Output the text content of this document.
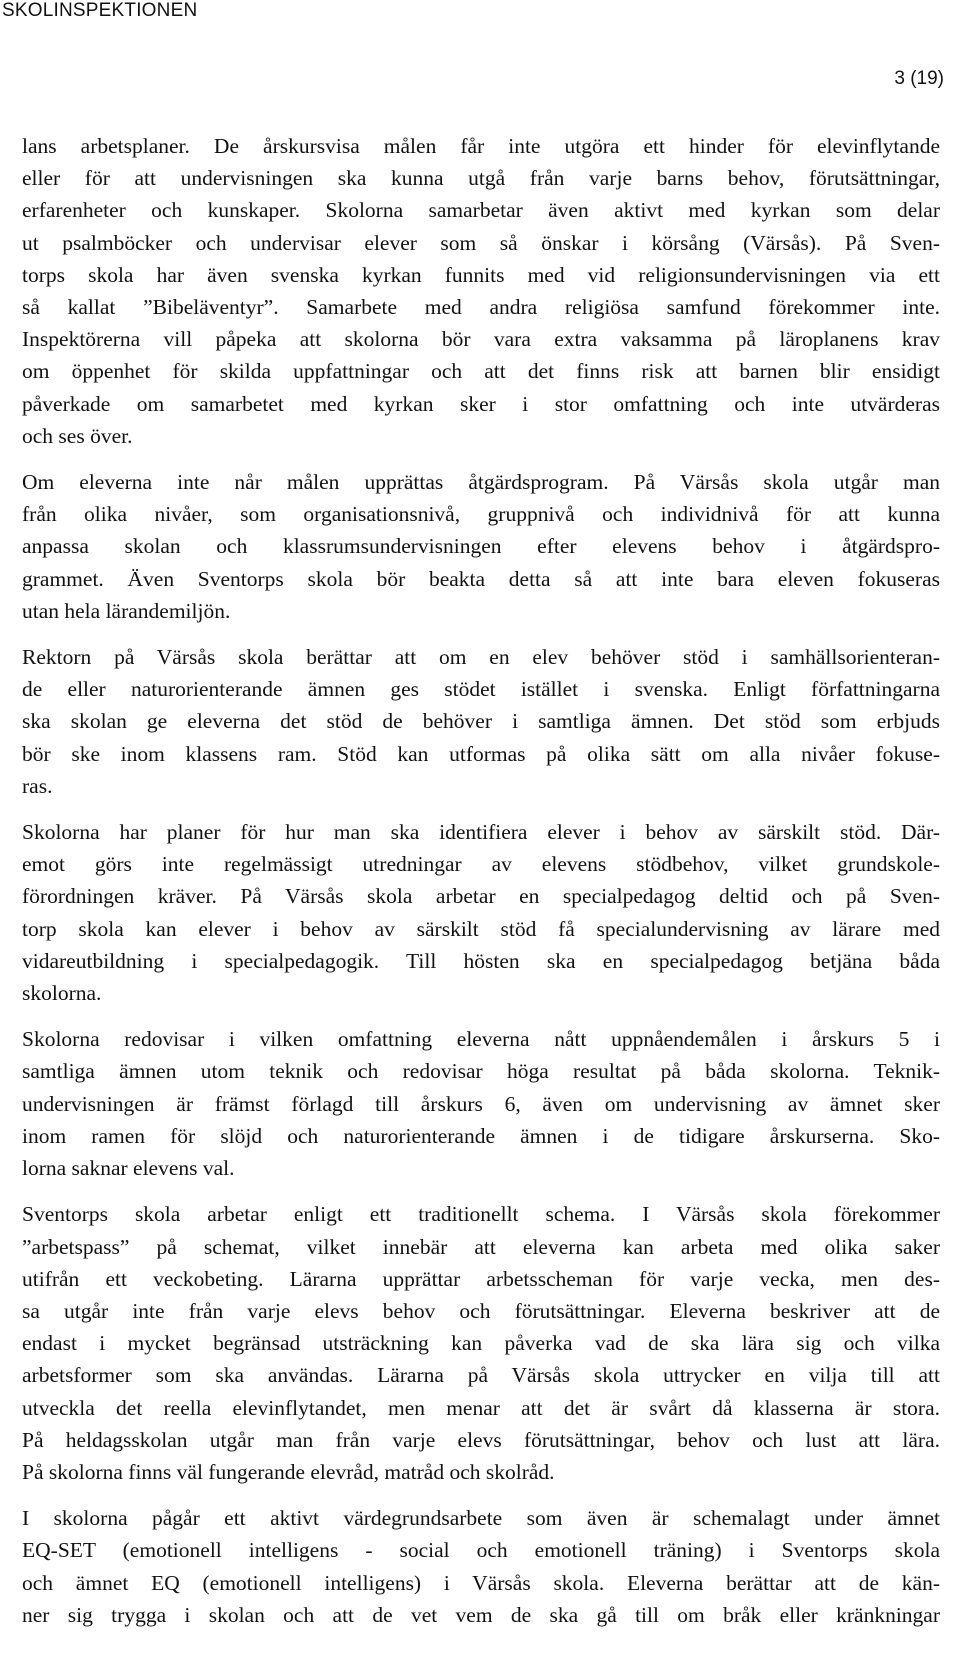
SKOLINSPEKTIONEN
3 (19)

lans arbetsplaner. De årskursvisa målen får inte utgöra ett hinder för elevinflytande
eller för att undervisningen ska kunna utgå från varje barns behov, förutsättningar,
erfarenheter och kunskaper. Skolorna samarbetar även aktivt med kyrkan som delar
ut psalmböcker och undervisar elever som så önskar i körsång (Värsås). På Sven-
torps skola har även svenska kyrkan funnits med vid religionsundervisningen via ett
så kallat ”Bibeläventyr”. Samarbete med andra religiösa samfund förekommer inte.
Inspektörerna vill påpeka att skolorna bör vara extra vaksamma på läroplanens krav
om öppenhet för skilda uppfattningar och att det finns risk att barnen blir ensidigt
påverkade om samarbetet med kyrkan sker i stor omfattning och inte utvärderas
och ses över.

Om eleverna inte når målen upprättas åtgärdsprogram. På Värsås skola utgår man
från olika nivåer, som organisationsnivå, gruppnivå och individnivå för att kunna
anpassa skolan och klassrumsundervisningen efter elevens behov i åtgärdspro-
grammet. Även Sventorps skola bör beakta detta så att inte bara eleven fokuseras
utan hela lärandemiljön.

Rektorn på Värsås skola berättar att om en elev behöver stöd i samhällsorienteran-
de eller naturorienterande ämnen ges stödet istället i svenska. Enligt författningarna
ska skolan ge eleverna det stöd de behöver i samtliga ämnen. Det stöd som erbjuds
bör ske inom klassens ram. Stöd kan utformas på olika sätt om alla nivåer fokuse-
ras.

Skolorna har planer för hur man ska identifiera elever i behov av särskilt stöd. Där-
emot görs inte regelmässigt utredningar av elevens stödbehov, vilket grundskole-
förordningen kräver. På Värsås skola arbetar en specialpedagog deltid och på Sven-
torp skola kan elever i behov av särskilt stöd få specialundervisning av lärare med
vidareutbildning i specialpedagogik. Till hösten ska en specialpedagog betjäna båda
skolorna.

Skolorna redovisar i vilken omfattning eleverna nått uppnåendemålen i årskurs 5 i
samtliga ämnen utom teknik och redovisar höga resultat på båda skolorna. Teknik-
undervisningen är främst förlagd till årskurs 6, även om undervisning av ämnet sker
inom ramen för slöjd och naturorienterande ämnen i de tidigare årskurserna. Sko-
lorna saknar elevens val.

Sventorps skola arbetar enligt ett traditionellt schema. I Värsås skola förekommer
”arbetspass” på schemat, vilket innebär att eleverna kan arbeta med olika saker
utifrån ett veckobeting. Lärarna upprättar arbetsscheman för varje vecka, men des-
sa utgår inte från varje elevs behov och förutsättningar. Eleverna beskriver att de
endast i mycket begränsad utsträckning kan påverka vad de ska lära sig och vilka
arbetsformer som ska användas. Lärarna på Värsås skola uttrycker en vilja till att
utveckla det reella elevinflytandet, men menar att det är svårt då klasserna är stora.
På heldagsskolan utgår man från varje elevs förutsättningar, behov och lust att lära.
På skolorna finns väl fungerande elevråd, matråd och skolråd.

I skolorna pågår ett aktivt värdegrundsarbete som även är schemalagt under ämnet
EQ-SET (emotionell intelligens - social och emotionell träning) i Sventorps skola
och ämnet EQ (emotionell intelligens) i Värsås skola. Eleverna berättar att de kän-
ner sig trygga i skolan och att de vet vem de ska gå till om bråk eller kränkningar
